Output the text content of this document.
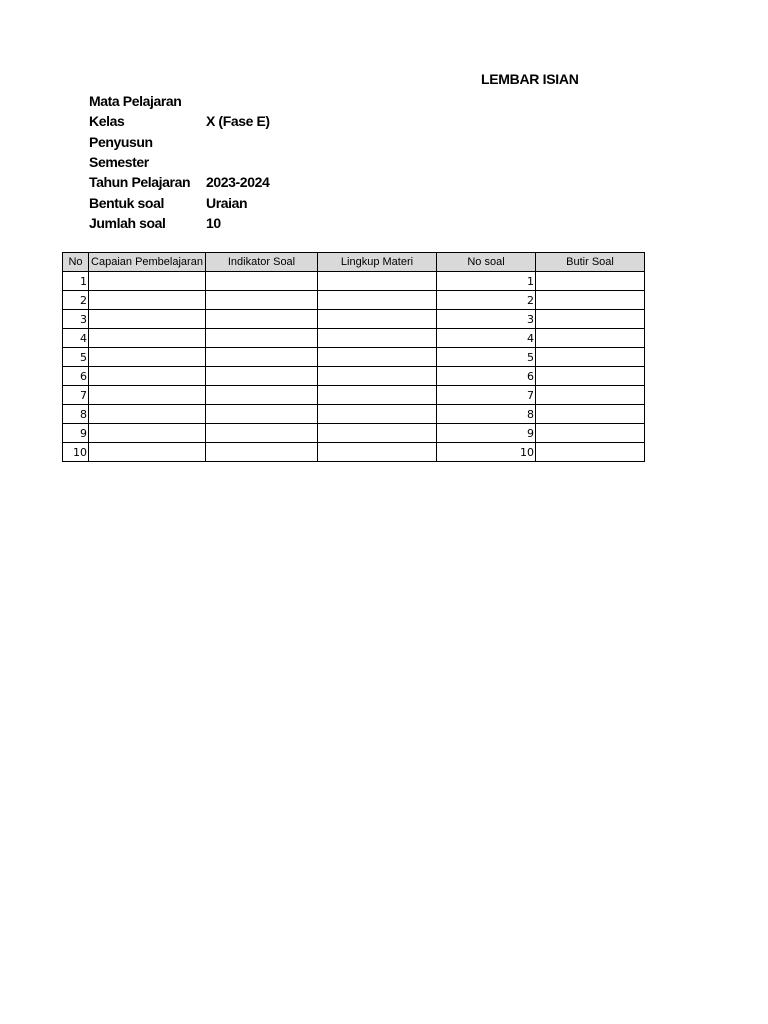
LEMBAR ISIAN
Mata Pelajaran
Kelas	X (Fase E)
Penyusun
Semester
Tahun Pelajaran	2023-2024
Bentuk soal	Uraian
Jumlah soal	10
No	Capaian Pembelajaran	Indikator Soal	Lingkup Materi	No soal	Butir Soal
1				1	
2				2	
3				3	
4				4	
5				5	
6				6	
7				7	
8				8	
9				9	
10				10	
